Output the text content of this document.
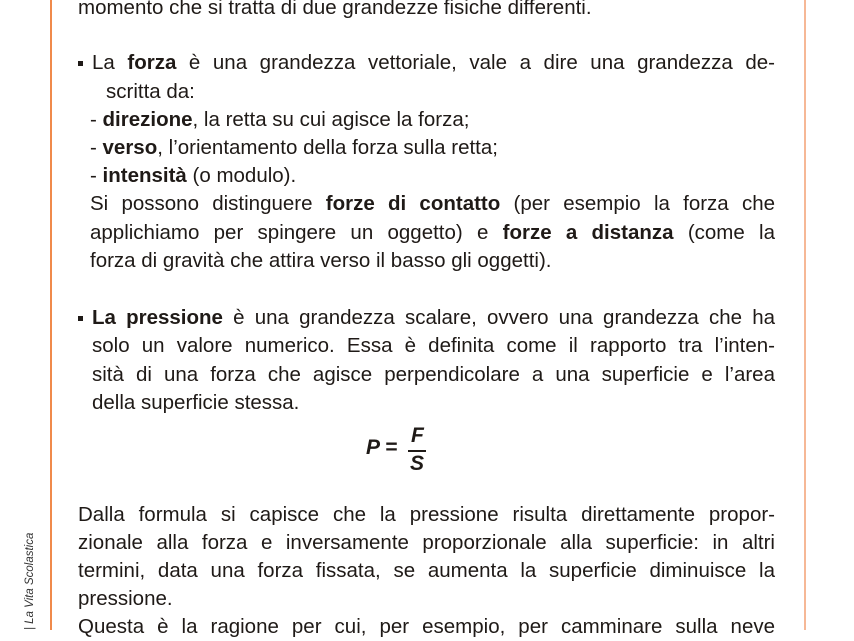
| La Vita Scolastica
momento che si tratta di due grandezze fisiche differenti.
La forza è una grandezza vettoriale, vale a dire una grandezza de-
scritta da:
- direzione, la retta su cui agisce la forza;
- verso, l’orientamento della forza sulla retta;
- intensità (o modulo).
Si possono distinguere forze di contatto (per esempio la forza che
applichiamo per spingere un oggetto) e forze a distanza (come la
forza di gravità che attira verso il basso gli oggetti).
La pressione è una grandezza scalare, ovvero una grandezza che ha
solo un valore numerico. Essa è definita come il rapporto tra l’inten-
sità di una forza che agisce perpendicolare a una superficie e l’area
della superficie stessa.
Dalla formula si capisce che la pressione risulta direttamente propor-
zionale alla forza e inversamente proporzionale alla superficie: in altri
termini, data una forza fissata, se aumenta la superficie diminuisce la
pressione.
Questa è la ragione per cui, per esempio, per camminare sulla neve
P =
F
S
